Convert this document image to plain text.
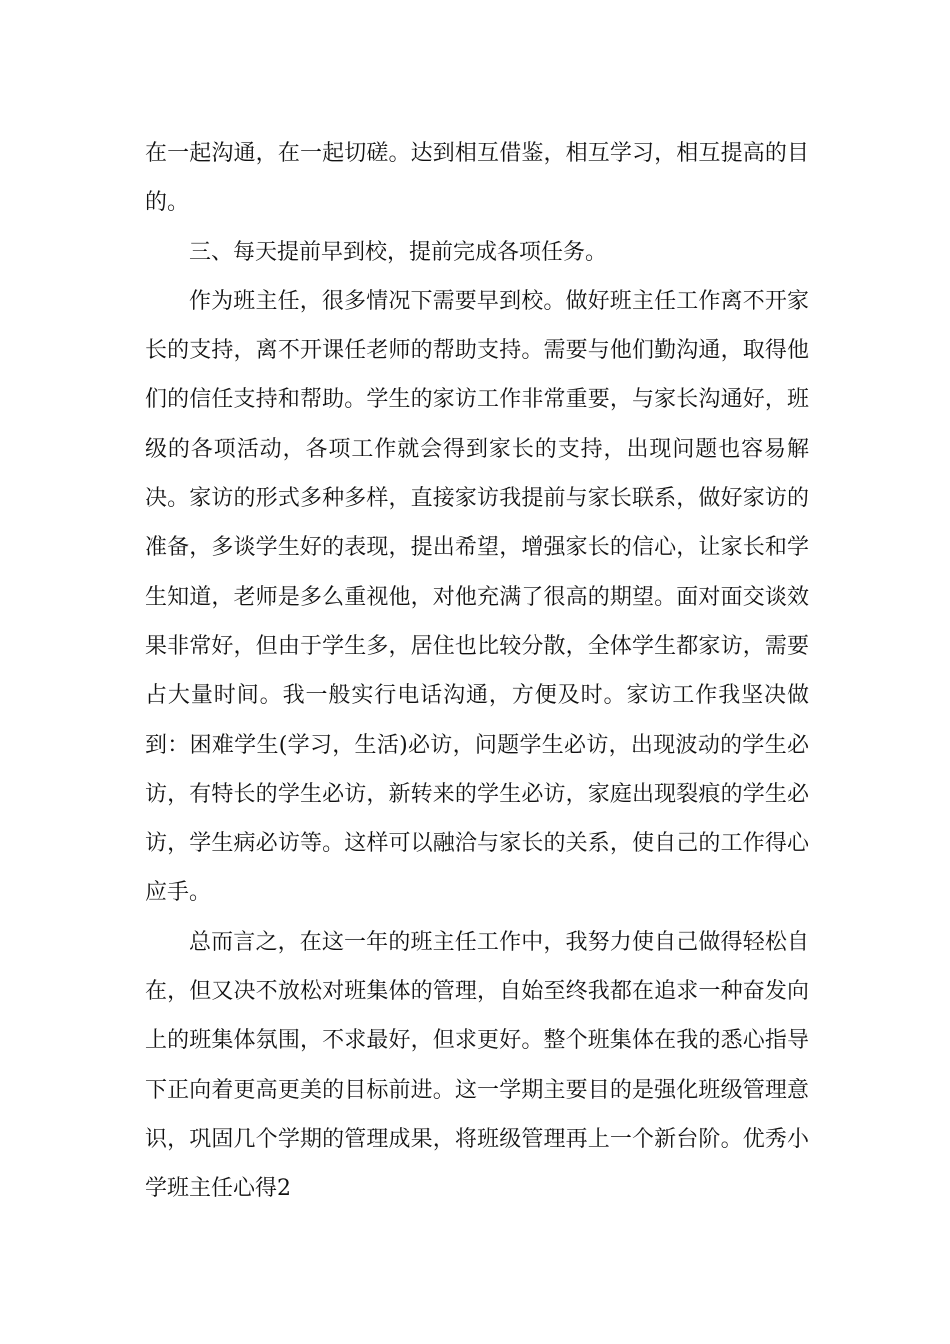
在一起沟通，在一起切磋。达到相互借鉴，相互学习，相互提高的目的。

三、每天提前早到校，提前完成各项任务。

作为班主任，很多情况下需要早到校。做好班主任工作离不开家长的支持，离不开课任老师的帮助支持。需要与他们勤沟通，取得他们的信任支持和帮助。学生的家访工作非常重要，与家长沟通好，班级的各项活动，各项工作就会得到家长的支持，出现问题也容易解决。家访的形式多种多样，直接家访我提前与家长联系，做好家访的准备，多谈学生好的表现，提出希望，增强家长的信心，让家长和学生知道，老师是多么重视他，对他充满了很高的期望。面对面交谈效果非常好，但由于学生多，居住也比较分散，全体学生都家访，需要占大量时间。我一般实行电话沟通，方便及时。家访工作我坚决做到：困难学生(学习，生活)必访，问题学生必访，出现波动的学生必访，有特长的学生必访，新转来的学生必访，家庭出现裂痕的学生必访，学生病必访等。这样可以融洽与家长的关系，使自己的工作得心应手。

总而言之，在这一年的班主任工作中，我努力使自己做得轻松自在，但又决不放松对班集体的管理，自始至终我都在追求一种奋发向上的班集体氛围，不求最好，但求更好。整个班集体在我的悉心指导下正向着更高更美的目标前进。这一学期主要目的是强化班级管理意识，巩固几个学期的管理成果，将班级管理再上一个新台阶。优秀小学班主任心得2
